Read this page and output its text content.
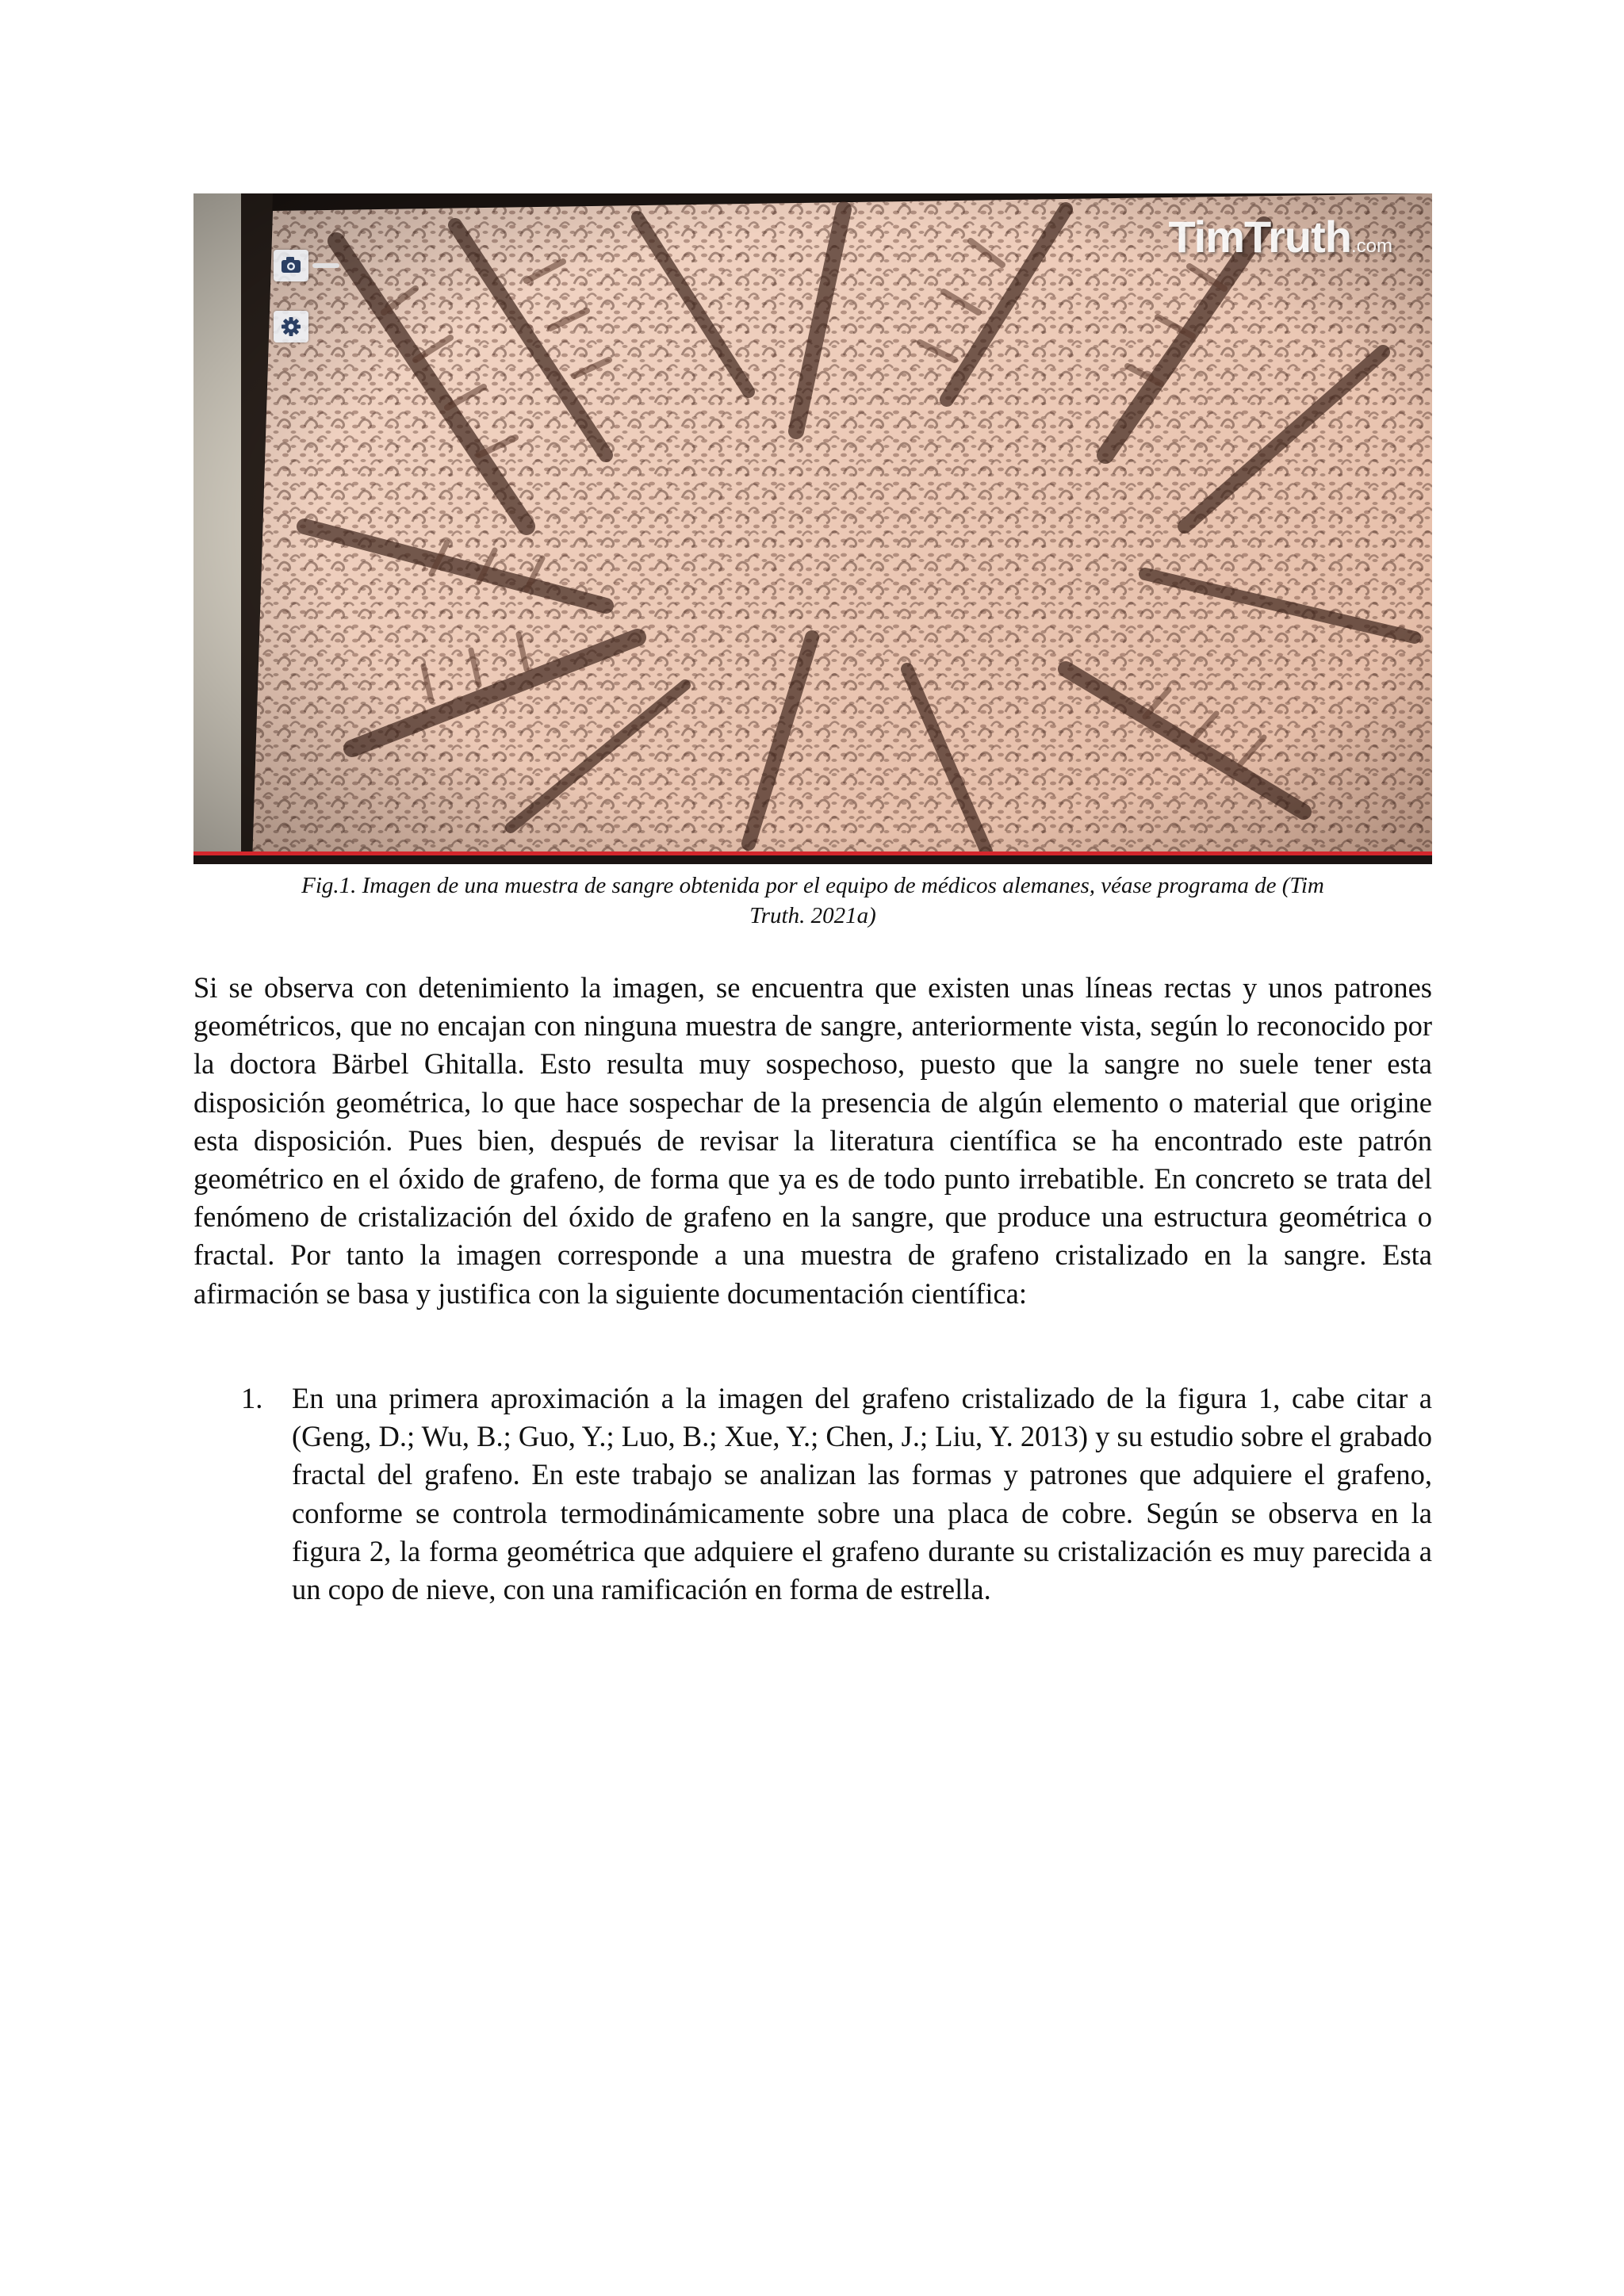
TimTruth.com
Fig.1. Imagen de una muestra de sangre obtenida por el equipo de médicos alemanes, véase programa de (Tim
Truth. 2021a)
Si se observa con detenimiento la imagen, se encuentra que existen unas líneas rectas y unos patrones geométricos, que no encajan con ninguna muestra de sangre, anteriormente vista, según lo reconocido por la doctora Bärbel Ghitalla. Esto resulta muy sospechoso, puesto que la sangre no suele tener esta disposición geométrica, lo que hace sospechar de la presencia de algún elemento o material que origine esta disposición. Pues bien, después de revisar la literatura científica se ha encontrado este patrón geométrico en el óxido de grafeno, de forma que ya es de todo punto irrebatible. En concreto se trata del fenómeno de cristalización del óxido de grafeno en la sangre, que produce una estructura geométrica o fractal. Por tanto la imagen corresponde a una muestra de grafeno cristalizado en la sangre. Esta afirmación se basa y justifica con la siguiente documentación científica:
1. En una primera aproximación a la imagen del grafeno cristalizado de la figura 1, cabe citar a (Geng, D.; Wu, B.; Guo, Y.; Luo, B.; Xue, Y.; Chen, J.; Liu, Y. 2013) y su estudio sobre el grabado fractal del grafeno. En este trabajo se analizan las formas y patrones que adquiere el grafeno, conforme se controla termodinámicamente sobre una placa de cobre. Según se observa en la figura 2, la forma geométrica que adquiere el grafeno durante su cristalización es muy parecida a un copo de nieve, con una ramificación en forma de estrella.
